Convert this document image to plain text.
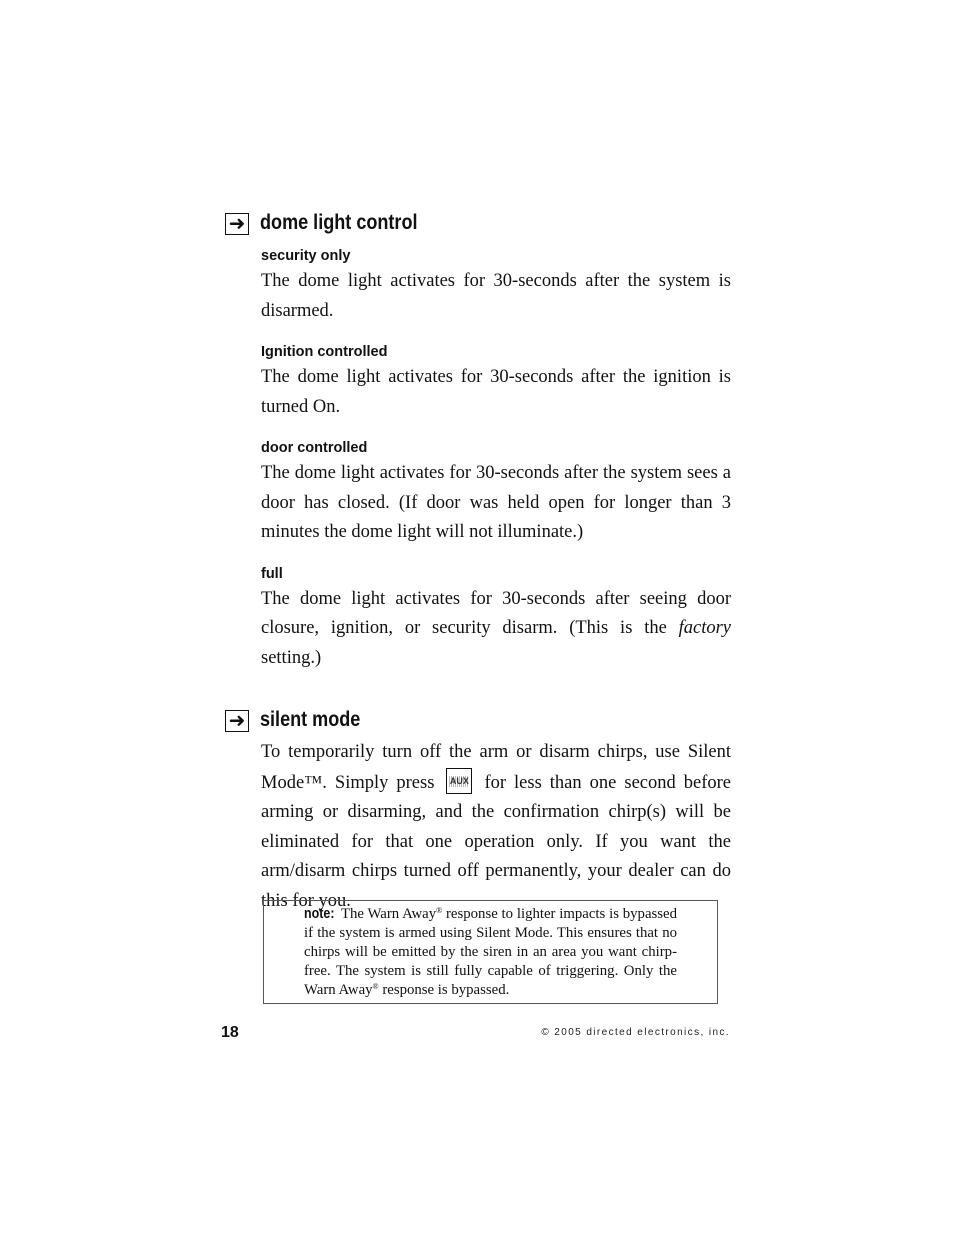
➜ dome light control
security only
The dome light activates for 30-seconds after the system is disarmed.
Ignition controlled
The dome light activates for 30-seconds after the ignition is turned On.
door controlled
The dome light activates for 30-seconds after the system sees a door has closed. (If door was held open for longer than 3 minutes the dome light will not illuminate.)
full
The dome light activates for 30-seconds after seeing door closure, ignition, or security disarm. (This is the factory setting.)
➜ silent mode
To temporarily turn off the arm or disarm chirps, use Silent Mode™. Simply press AUX for less than one second before arming or disarming, and the confirmation chirp(s) will be eliminated for that one operation only. If you want the arm/disarm chirps turned off permanently, your dealer can do this for you.
note: The Warn Away® response to lighter impacts is bypassed if the system is armed using Silent Mode. This ensures that no chirps will be emitted by the siren in an area you want chirp-free. The system is still fully capable of triggering. Only the Warn Away® response is bypassed.
18	© 2005 directed electronics, inc.
